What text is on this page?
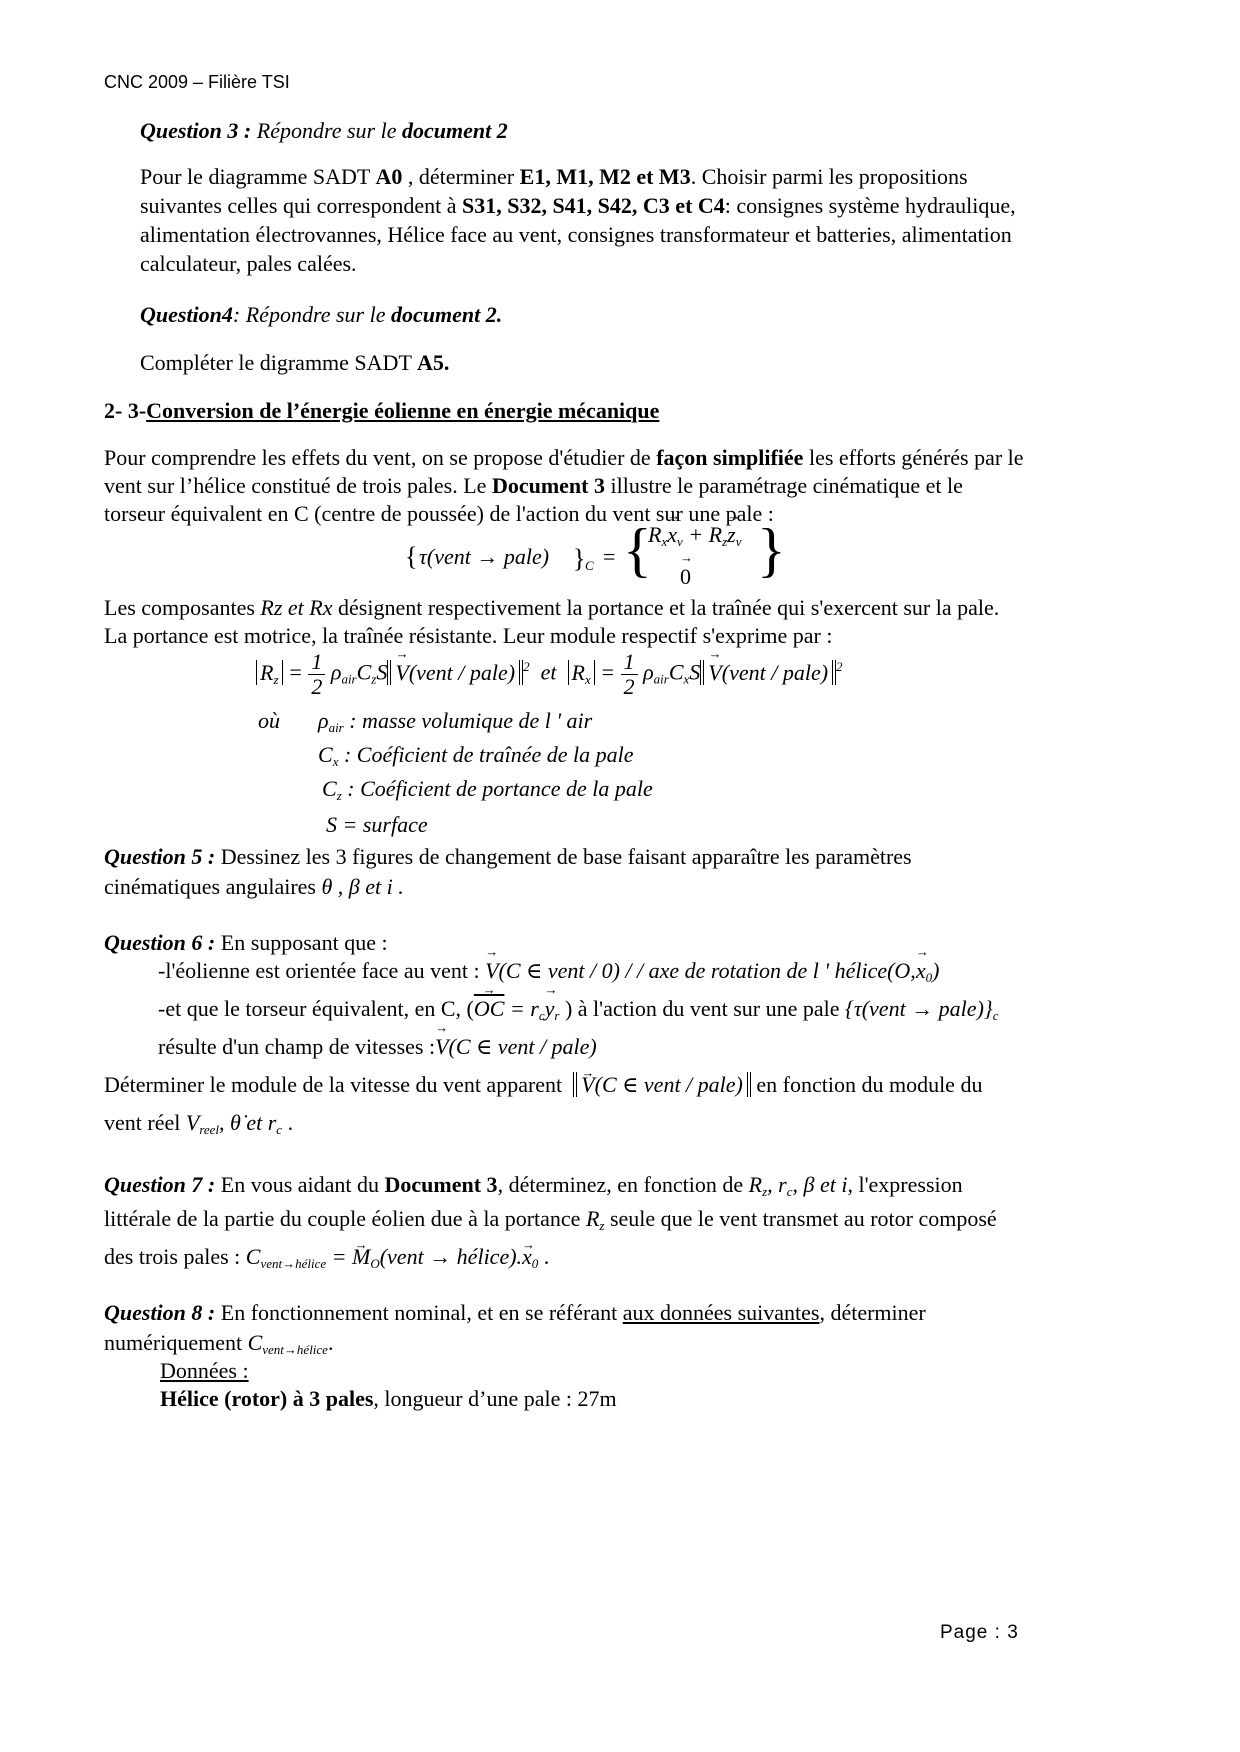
CNC 2009 – Filière TSI
Question 3 : Répondre sur le document 2
Pour le diagramme SADT A0 , déterminer E1, M1, M2 et M3. Choisir parmi les propositions
suivantes celles qui correspondent à S31, S32, S41, S42, C3 et C4: consignes système hydraulique,
alimentation électrovannes, Hélice face au vent, consignes transformateur et batteries, alimentation
calculateur, pales calées.
Question4: Répondre sur le document 2.
Compléter le digramme SADT A5.
2- 3-Conversion de l’énergie éolienne en énergie mécanique
Pour comprendre les effets du vent, on se propose d'étudier de façon simplifiée les efforts générés par le
vent sur l’hélice constitué de trois pales. Le Document 3 illustre le paramétrage cinématique et le
torseur équivalent en C (centre de poussée) de l'action du vent sur une pale :
{ τ(vent → pale) } C = {
$R_x\to x_v + R_z\to z_v$
→ 0 }
Les composantes Rz et Rx désignent respectivement la portance et la traînée qui s'exercent sur la pale.
La portance est motrice, la traînée résistante. Leur module respectif s'exprime par :
$R_z = \frac{1}{2} \rho_{air}C_zS$ → V(vent / pale) $^2$ et $R_x = \frac{1}{2} \rho_{air}C_xS$ → V(vent / pale) $^2$
où $\rho_{air}$ : masse volumique de l ' air
$C_x$ : Coéficient de traînée de la pale
$C_z$ : Coéficient de portance de la pale
S = surface
Question 5 : Dessinez les 3 figures de changement de base faisant apparaître les paramètres
cinématiques angulaires θ , β et i .
Question 6 : En supposant que :
-l'éolienne est orientée face au vent : → V(C ∈ vent / 0) / / axe de rotation de l ' hélice(O,→ $x_0$)
-et que le torseur équivalent, en C, (→ $\overline{OC} = r_c\to y_r$ ) à l'action du vent sur une pale {τ(vent → $pale)\}_c$
résulte d'un champ de vitesses :→ V(C ∈ vent / pale)
Déterminer le module de la vitesse du vent apparent → V(C ∈ vent / pale) en fonction du module du
vent réel $V_{reel}$, θ̇ et $r_c$ .
Question 7 : En vous aidant du Document 3, déterminez, en fonction de $R_z$, $r_c$, β et i, l'expression
littérale de la partie du couple éolien due à la portance $R_z$ seule que le vent transmet au rotor composé
des trois pales : $C_{vent\to hélice}$ = → $M_O(vent$ → hélice).→ $x_0$ .
Question 8 : En fonctionnement nominal, et en se référant aux données suivantes, déterminer
numériquement $C_{vent\to hélice}$.
Données :
Hélice (rotor) à 3 pales, longueur d’une pale : 27m
Page : 3
